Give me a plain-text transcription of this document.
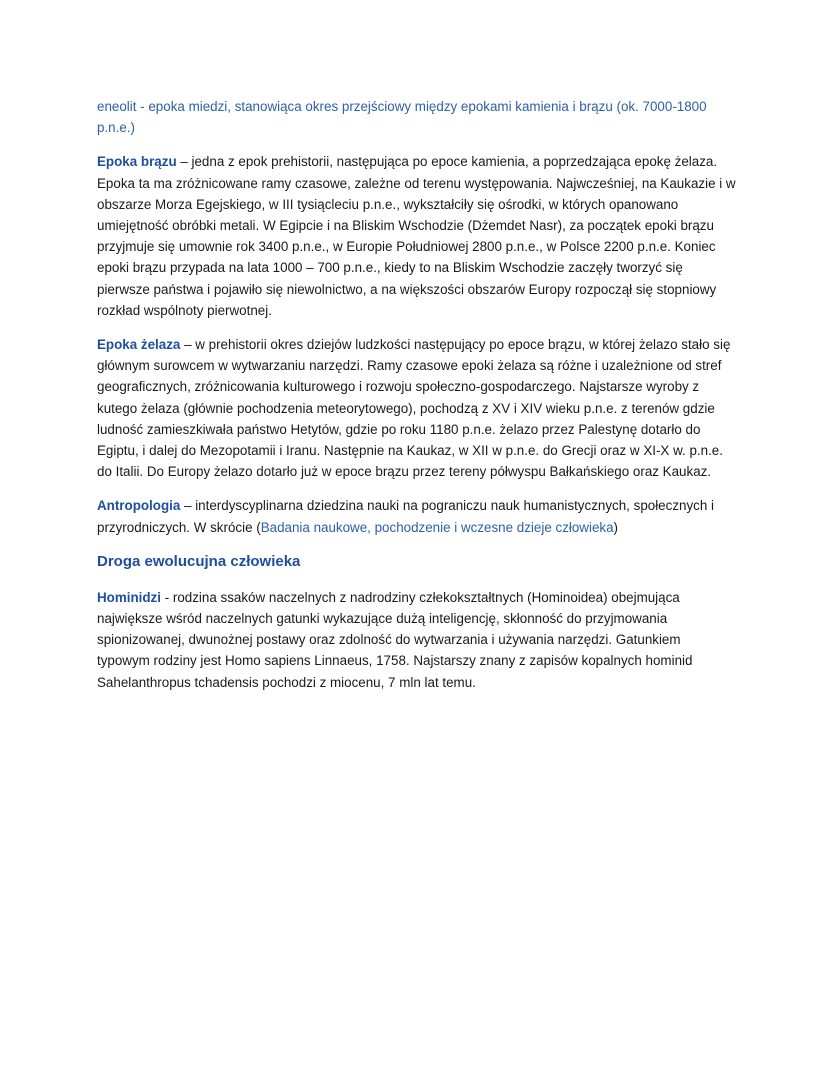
eneolit - epoka miedzi, stanowiąca okres przejściowy między epokami kamienia i brązu (ok. 7000-1800 p.n.e.)

Epoka brązu – jedna z epok prehistorii, następująca po epoce kamienia, a poprzedzająca epokę żelaza. Epoka ta ma zróżnicowane ramy czasowe, zależne od terenu występowania. Najwcześniej, na Kaukazie i w obszarze Morza Egejskiego, w III tysiącleciu p.n.e., wykształciły się ośrodki, w których opanowano umiejętność obróbki metali. W Egipcie i na Bliskim Wschodzie (Dżemdet Nasr), za początek epoki brązu przyjmuje się umownie rok 3400 p.n.e., w Europie Południowej 2800 p.n.e., w Polsce 2200 p.n.e. Koniec epoki brązu przypada na lata 1000 – 700 p.n.e., kiedy to na Bliskim Wschodzie zaczęły tworzyć się pierwsze państwa i pojawiło się niewolnictwo, a na większości obszarów Europy rozpoczął się stopniowy rozkład wspólnoty pierwotnej.

Epoka żelaza – w prehistorii okres dziejów ludzkości następujący po epoce brązu, w której żelazo stało się głównym surowcem w wytwarzaniu narzędzi. Ramy czasowe epoki żelaza są różne i uzależnione od stref geograficznych, zróżnicowania kulturowego i rozwoju społeczno-gospodarczego. Najstarsze wyroby z kutego żelaza (głównie pochodzenia meteorytowego), pochodzą z XV i XIV wieku p.n.e. z terenów gdzie ludność zamieszkiwała państwo Hetytów, gdzie po roku 1180 p.n.e. żelazo przez Palestynę dotarło do Egiptu, i dalej do Mezopotamii i Iranu. Następnie na Kaukaz, w XII w p.n.e. do Grecji oraz w XI-X w. p.n.e. do Italii. Do Europy żelazo dotarło już w epoce brązu przez tereny półwyspu Bałkańskiego oraz Kaukaz.

Antropologia – interdyscyplinarna dziedzina nauki na pograniczu nauk humanistycznych, społecznych i przyrodniczych. W skrócie (Badania naukowe, pochodzenie i wczesne dzieje człowieka)

Droga ewolucujna człowieka

Hominidzi - rodzina ssaków naczelnych z nadrodziny człekokształtnych (Hominoidea) obejmująca największe wśród naczelnych gatunki wykazujące dużą inteligencję, skłonność do przyjmowania spionizowanej, dwunożnej postawy oraz zdolność do wytwarzania i używania narzędzi. Gatunkiem typowym rodziny jest Homo sapiens Linnaeus, 1758. Najstarszy znany z zapisów kopalnych hominid Sahelanthropus tchadensis pochodzi z miocenu, 7 mln lat temu.
